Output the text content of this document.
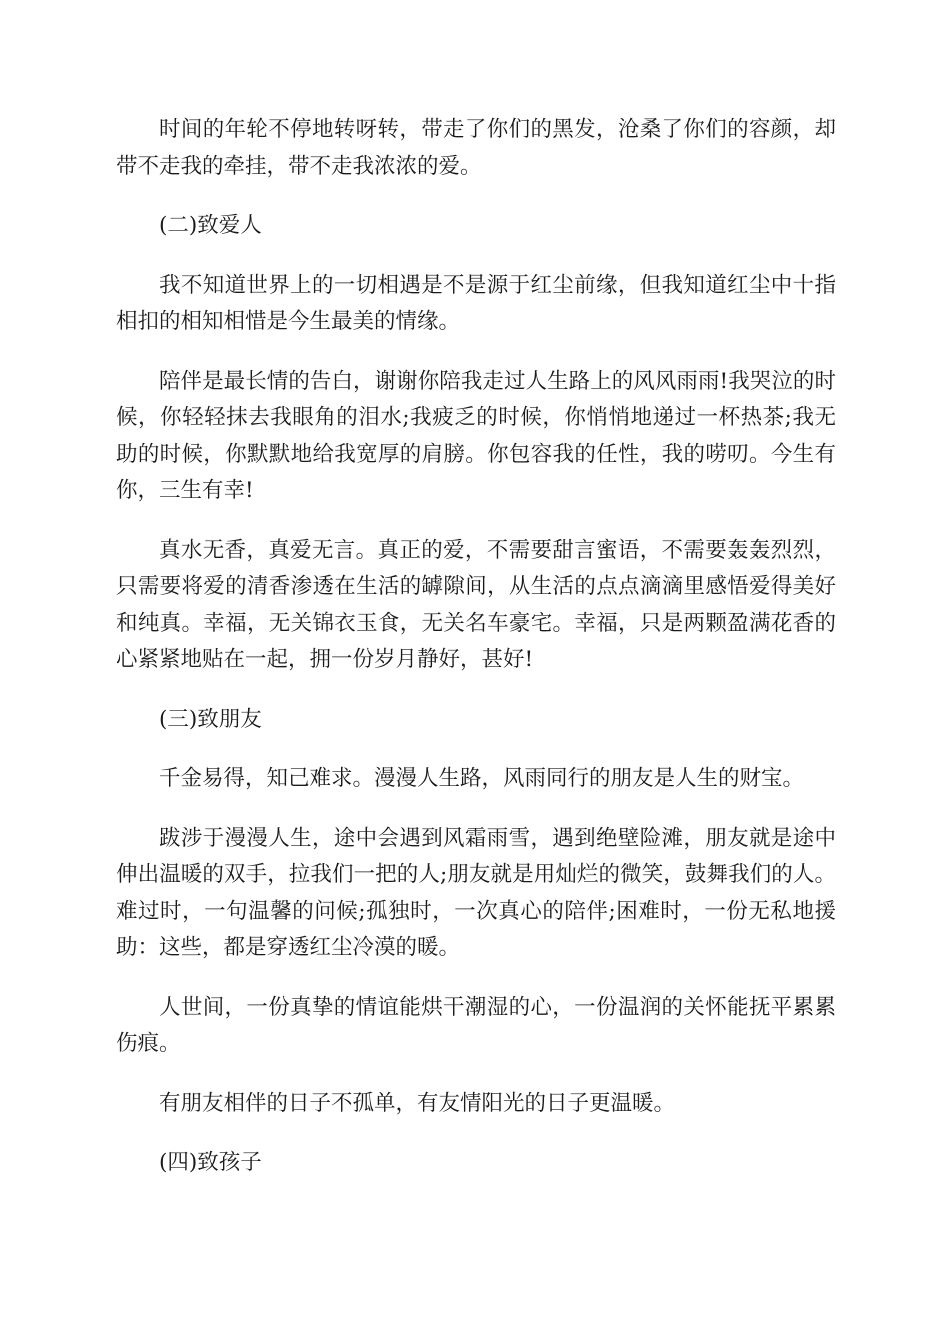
时间的年轮不停地转呀转，带走了你们的黑发，沧桑了你们的容颜，却带不走我的牵挂，带不走我浓浓的爱。

(二)致爱人

我不知道世界上的一切相遇是不是源于红尘前缘，但我知道红尘中十指相扣的相知相惜是今生最美的情缘。

陪伴是最长情的告白，谢谢你陪我走过人生路上的风风雨雨!我哭泣的时候，你轻轻抹去我眼角的泪水;我疲乏的时候，你悄悄地递过一杯热茶;我无助的时候，你默默地给我宽厚的肩膀。你包容我的任性，我的唠叨。今生有你，三生有幸!

真水无香，真爱无言。真正的爱，不需要甜言蜜语，不需要轰轰烈烈，只需要将爱的清香渗透在生活的罅隙间，从生活的点点滴滴里感悟爱得美好和纯真。幸福，无关锦衣玉食，无关名车豪宅。幸福，只是两颗盈满花香的心紧紧地贴在一起，拥一份岁月静好，甚好!

(三)致朋友

千金易得，知己难求。漫漫人生路，风雨同行的朋友是人生的财宝。

跋涉于漫漫人生，途中会遇到风霜雨雪，遇到绝壁险滩，朋友就是途中伸出温暖的双手，拉我们一把的人;朋友就是用灿烂的微笑，鼓舞我们的人。难过时，一句温馨的问候;孤独时，一次真心的陪伴;困难时，一份无私地援助：这些，都是穿透红尘冷漠的暖。

人世间，一份真挚的情谊能烘干潮湿的心，一份温润的关怀能抚平累累伤痕。

有朋友相伴的日子不孤单，有友情阳光的日子更温暖。

(四)致孩子
